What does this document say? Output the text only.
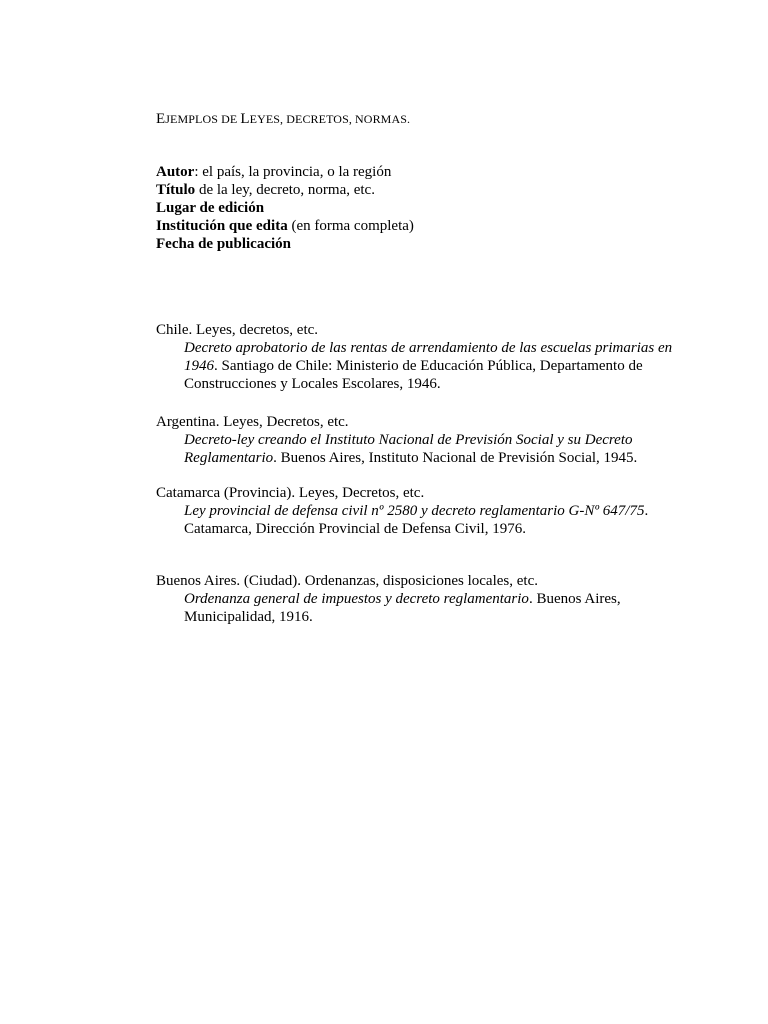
EJEMPLOS DE LEYES, DECRETOS, NORMAS.
Autor: el país, la provincia, o la región
Título de la ley, decreto, norma, etc.
Lugar de edición
Institución que edita (en forma completa)
Fecha de publicación
Chile. Leyes, decretos, etc.
Decreto aprobatorio de las rentas de arrendamiento de las escuelas primarias en 1946. Santiago de Chile: Ministerio de Educación Pública, Departamento de Construcciones y Locales Escolares, 1946.
Argentina. Leyes, Decretos, etc.
Decreto-ley creando el Instituto Nacional de Previsión Social y su Decreto Reglamentario. Buenos Aires, Instituto Nacional de Previsión Social, 1945.
Catamarca (Provincia). Leyes, Decretos, etc.
Ley provincial de defensa civil nº 2580 y decreto reglamentario G-Nº 647/75. Catamarca, Dirección Provincial de Defensa Civil, 1976.
Buenos Aires. (Ciudad). Ordenanzas, disposiciones locales, etc.
Ordenanza general de impuestos y decreto reglamentario. Buenos Aires, Municipalidad, 1916.
